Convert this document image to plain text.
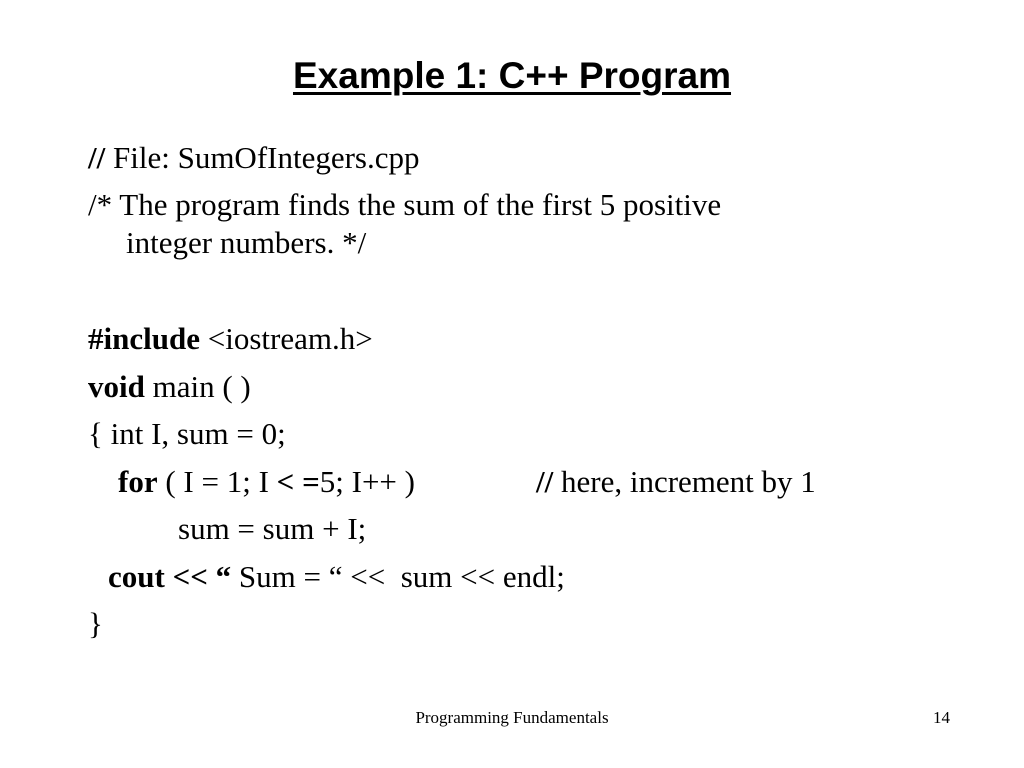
Example 1: C++ Program
// File: SumOfIntegers.cpp
/* The program finds the sum of the first 5 positive
integer numbers. */
#include <iostream.h>
void main ( )
{ int I, sum = 0;
for ( I = 1; I < =5; I++ )	// here, increment by 1
sum = sum + I;
cout << “ Sum = “ <<  sum << endl;
}
Programming Fundamentals	14
